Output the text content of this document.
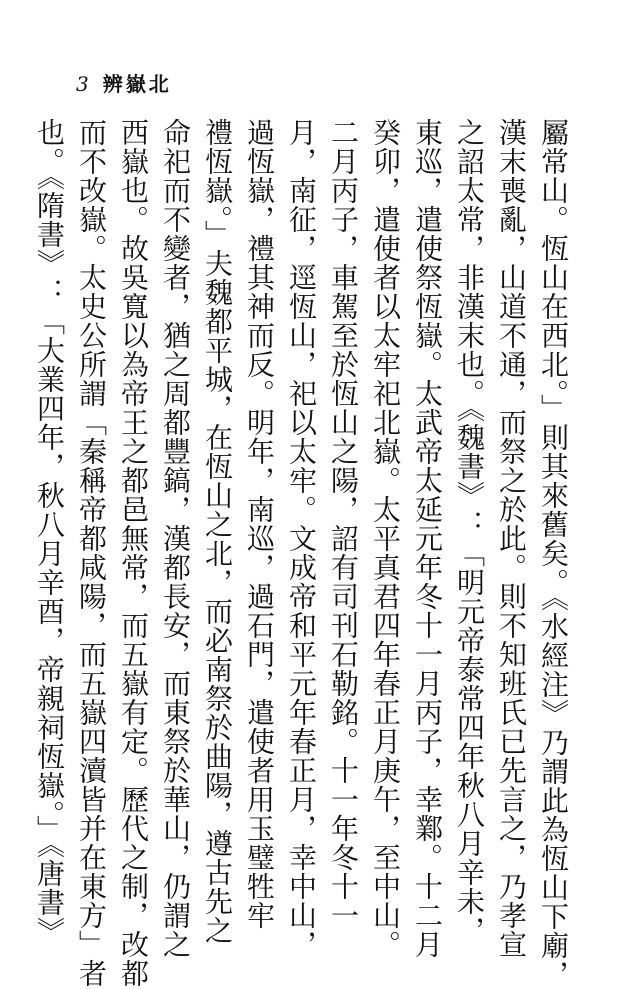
3 辨嶽北
屬常山。恆山在西北。」則其來舊矣。《水經注》乃謂此為恆山下廟，
漢末喪亂，山道不通，而祭之於此。則不知班氏已先言之，乃孝宣
之詔太常，非漢末也。《魏書》：「明元帝泰常四年秋八月辛未，
東巡，遣使祭恆嶽。太武帝太延元年冬十一月丙子，幸鄴。十二月
癸卯，遣使者以太牢祀北嶽。太平真君四年春正月庚午，至中山。
二月丙子，車駕至於恆山之陽，詔有司刊石勒銘。十一年冬十一
月，南征，逕恆山，祀以太牢。文成帝和平元年春正月，幸中山，
過恆嶽，禮其神而反。明年，南巡，過石門，遣使者用玉璧牲牢
禮恆嶽。」夫魏都平城，在恆山之北，而必南祭於曲陽，遵古先之
命祀而不變者，猶之周都豐鎬，漢都長安，而東祭於華山，仍謂之
西嶽也。故吳寬以為帝王之都邑無常，而五嶽有定。歷代之制，改都
而不改嶽。太史公所謂「秦稱帝都咸陽，而五嶽四瀆皆并在東方」者
也。《隋書》：「大業四年，秋八月辛酉，帝親祠恆嶽。」《唐書》
